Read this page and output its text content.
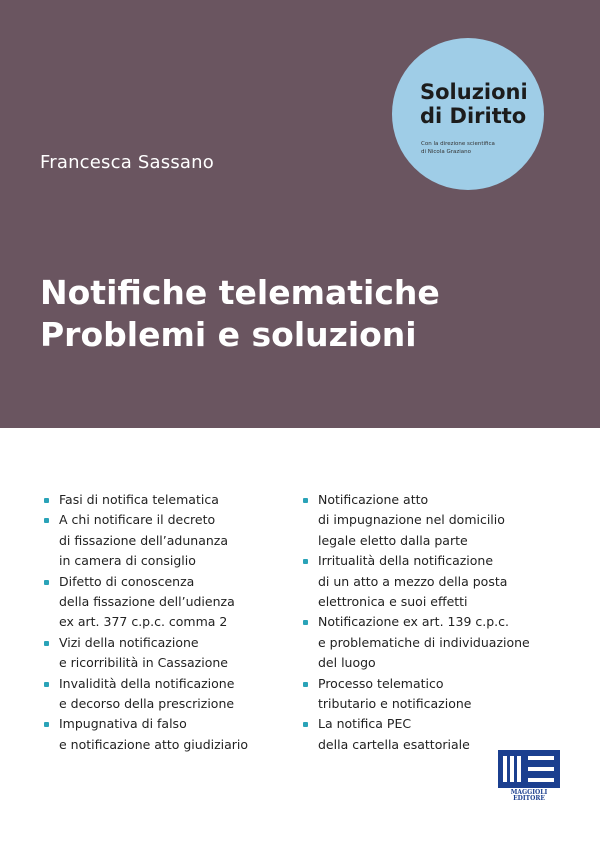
Francesca Sassano
Notifiche telematiche
Problemi e soluzioni
Soluzioni
di Diritto
Con la direzione scientifica
di Nicola Graziano
Fasi di notifica telematica
A chi notificare il decreto
di fissazione dell’adunanza
in camera di consiglio
Difetto di conoscenza
della fissazione dell’udienza
ex art. 377 c.p.c. comma 2
Vizi della notificazione
e ricorribilità in Cassazione
Invalidità della notificazione
e decorso della prescrizione
Impugnativa di falso
e notificazione atto giudiziario
Notificazione atto
di impugnazione nel domicilio
legale eletto dalla parte
Irritualità della notificazione
di un atto a mezzo della posta
elettronica e suoi effetti
Notificazione ex art. 139 c.p.c.
e problematiche di individuazione
del luogo
Processo telematico
tributario e notificazione
La notifica PEC
della cartella esattoriale
MAGGIOLI
EDITORE
